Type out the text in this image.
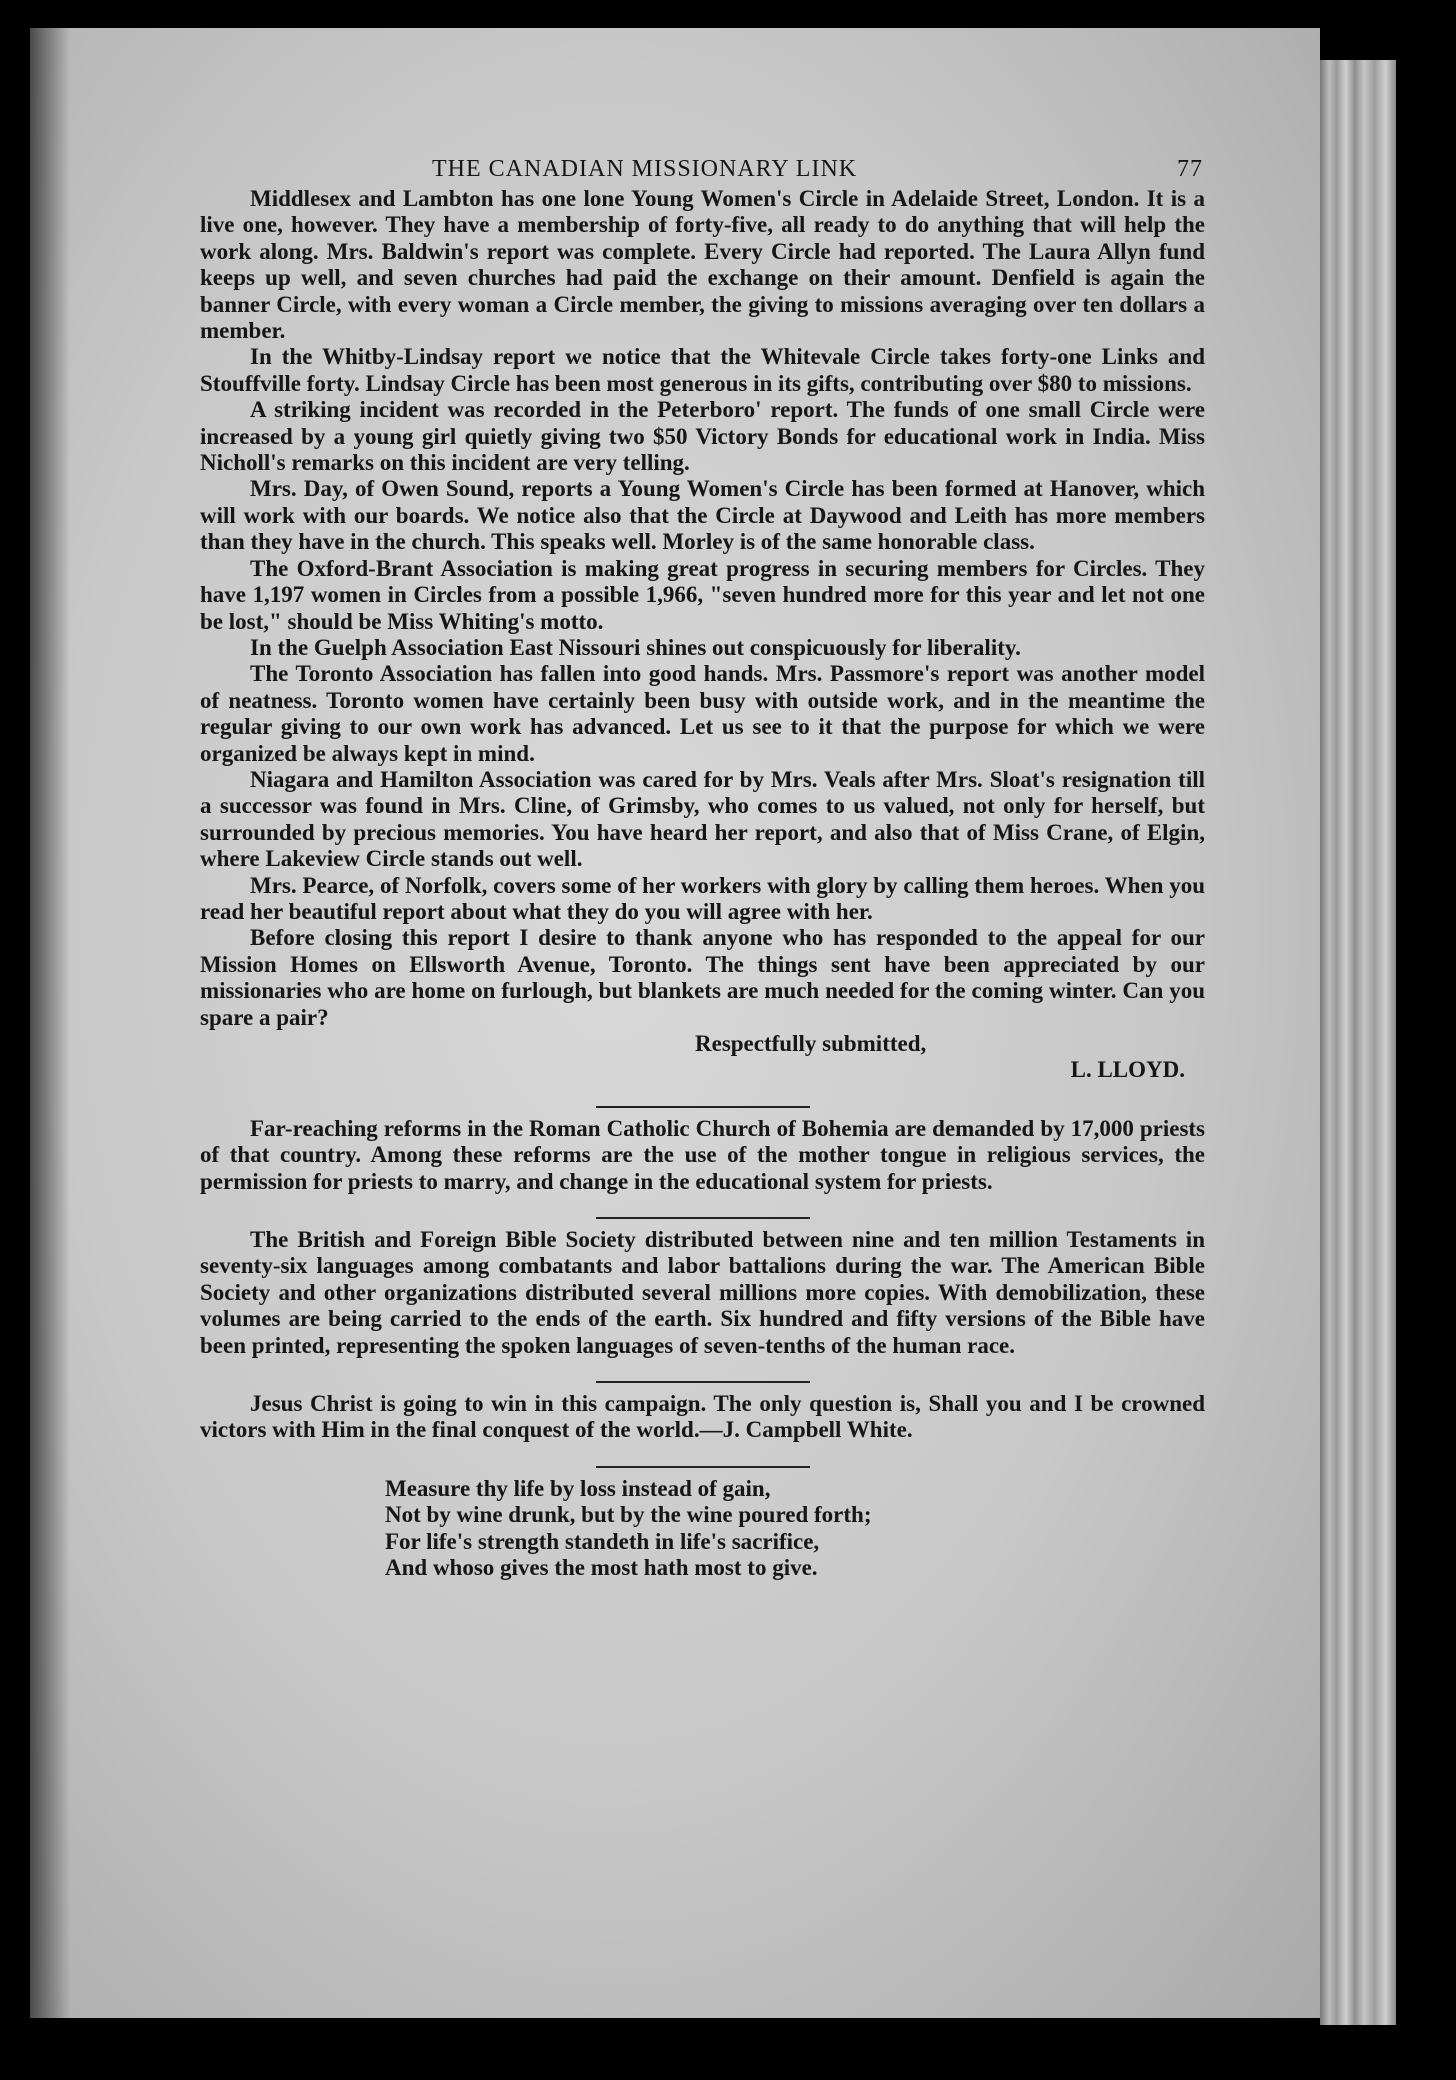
THE CANADIAN MISSIONARY LINK	77

Middlesex and Lambton has one lone Young Women's Circle in Adelaide Street, London. It is a live one, however. They have a membership of forty-five, all ready to do anything that will help the work along. Mrs. Baldwin's report was complete. Every Circle had reported. The Laura Allyn fund keeps up well, and seven churches had paid the exchange on their amount. Denfield is again the banner Circle, with every woman a Circle member, the giving to missions averaging over ten dollars a member.

In the Whitby-Lindsay report we notice that the Whitevale Circle takes forty-one Links and Stouffville forty. Lindsay Circle has been most generous in its gifts, contributing over $80 to missions.

A striking incident was recorded in the Peterboro' report. The funds of one small Circle were increased by a young girl quietly giving two $50 Victory Bonds for educational work in India. Miss Nicholl's remarks on this incident are very telling.

Mrs. Day, of Owen Sound, reports a Young Women's Circle has been formed at Hanover, which will work with our boards. We notice also that the Circle at Daywood and Leith has more members than they have in the church. This speaks well. Morley is of the same honorable class.

The Oxford-Brant Association is making great progress in securing members for Circles. They have 1,197 women in Circles from a possible 1,966, "seven hundred more for this year and let not one be lost," should be Miss Whiting's motto.

In the Guelph Association East Nissouri shines out conspicuously for liberality.

The Toronto Association has fallen into good hands. Mrs. Passmore's report was another model of neatness. Toronto women have certainly been busy with outside work, and in the meantime the regular giving to our own work has advanced. Let us see to it that the purpose for which we were organized be always kept in mind.

Niagara and Hamilton Association was cared for by Mrs. Veals after Mrs. Sloat's resignation till a successor was found in Mrs. Cline, of Grimsby, who comes to us valued, not only for herself, but surrounded by precious memories. You have heard her report, and also that of Miss Crane, of Elgin, where Lakeview Circle stands out well.

Mrs. Pearce, of Norfolk, covers some of her workers with glory by calling them heroes. When you read her beautiful report about what they do you will agree with her.

Before closing this report I desire to thank anyone who has responded to the appeal for our Mission Homes on Ellsworth Avenue, Toronto. The things sent have been appreciated by our missionaries who are home on furlough, but blankets are much needed for the coming winter. Can you spare a pair?

Respectfully submitted,

L. LLOYD.

Far-reaching reforms in the Roman Catholic Church of Bohemia are demanded by 17,000 priests of that country. Among these reforms are the use of the mother tongue in religious services, the permission for priests to marry, and change in the educational system for priests.

The British and Foreign Bible Society distributed between nine and ten million Testaments in seventy-six languages among combatants and labor battalions during the war. The American Bible Society and other organizations distributed several millions more copies. With demobilization, these volumes are being carried to the ends of the earth. Six hundred and fifty versions of the Bible have been printed, representing the spoken languages of seven-tenths of the human race.

Jesus Christ is going to win in this campaign. The only question is, Shall you and I be crowned victors with Him in the final conquest of the world.—J. Campbell White.

Measure thy life by loss instead of gain,
Not by wine drunk, but by the wine poured forth;
For life's strength standeth in life's sacrifice,
And whoso gives the most hath most to give.
